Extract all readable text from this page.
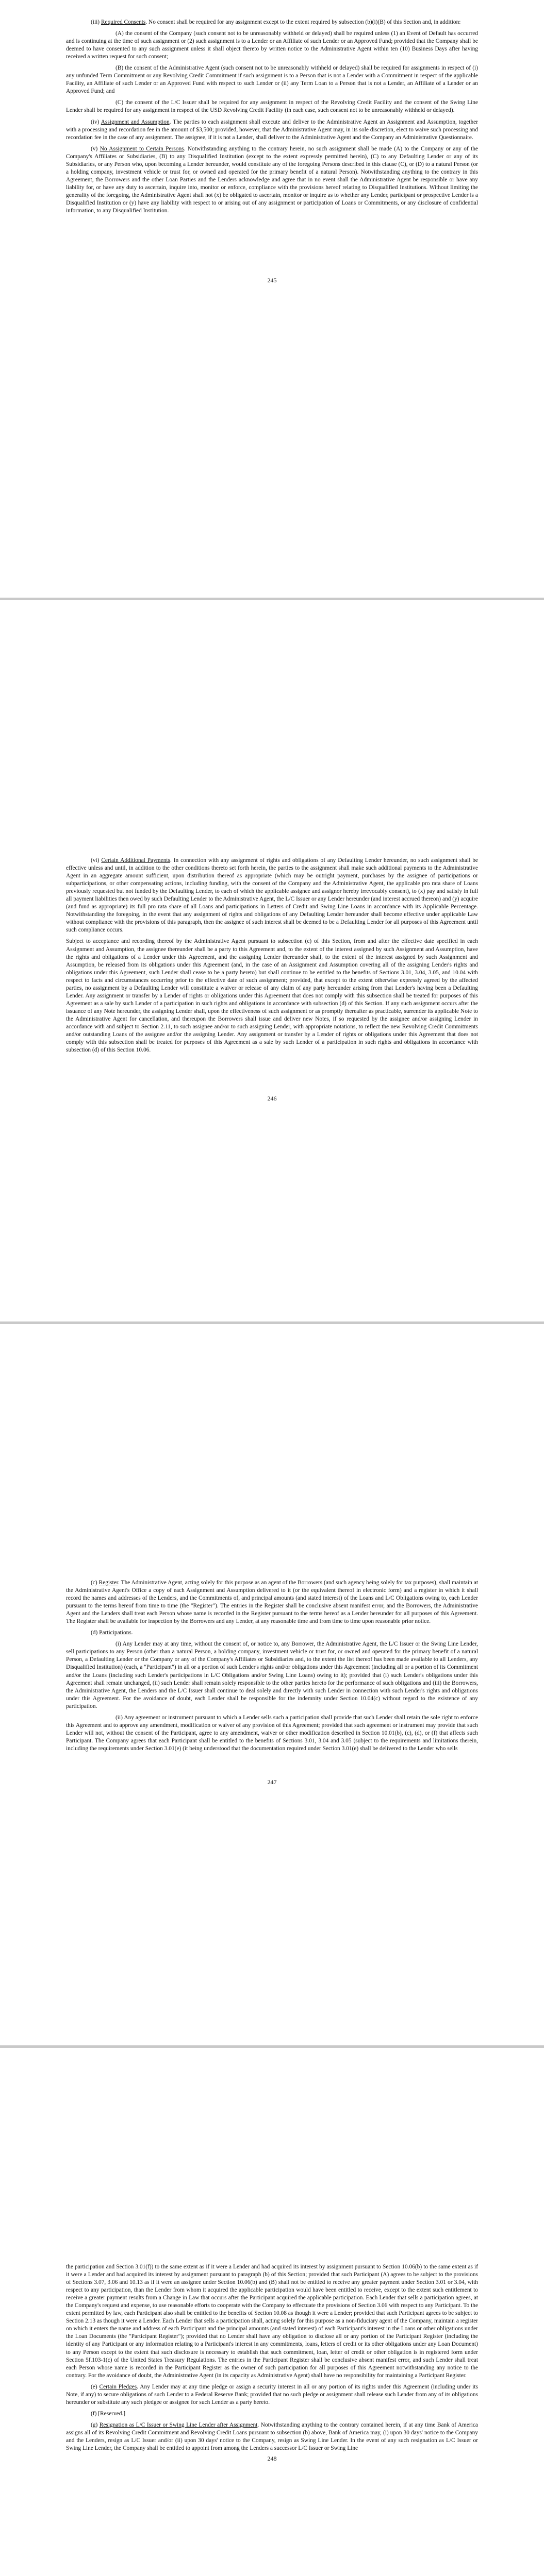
(iii) Required Consents. No consent shall be required for any assignment except to the extent required by subsection (b)(i)(B) of this Section and, in addition:

(A) the consent of the Company (such consent not to be unreasonably withheld or delayed) shall be required unless (1) an Event of Default has occurred and is continuing at the time of such assignment or (2) such assignment is to a Lender or an Affiliate of such Lender or an Approved Fund; provided that the Company shall be deemed to have consented to any such assignment unless it shall object thereto by written notice to the Administrative Agent within ten (10) Business Days after having received a written request for such consent;

(B) the consent of the Administrative Agent (such consent not to be unreasonably withheld or delayed) shall be required for assignments in respect of (i) any unfunded Term Commitment or any Revolving Credit Commitment if such assignment is to a Person that is not a Lender with a Commitment in respect of the applicable Facility, an Affiliate of such Lender or an Approved Fund with respect to such Lender or (ii) any Term Loan to a Person that is not a Lender, an Affiliate of a Lender or an Approved Fund; and

(C) the consent of the L/C Issuer shall be required for any assignment in respect of the Revolving Credit Facility and the consent of the Swing Line Lender shall be required for any assignment in respect of the USD Revolving Credit Facility (in each case, such consent not to be unreasonably withheld or delayed).

(iv) Assignment and Assumption. The parties to each assignment shall execute and deliver to the Administrative Agent an Assignment and Assumption, together with a processing and recordation fee in the amount of $3,500; provided, however, that the Administrative Agent may, in its sole discretion, elect to waive such processing and recordation fee in the case of any assignment. The assignee, if it is not a Lender, shall deliver to the Administrative Agent and the Company an Administrative Questionnaire.

(v) No Assignment to Certain Persons. Notwithstanding anything to the contrary herein, no such assignment shall be made (A) to the Company or any of the Company's Affiliates or Subsidiaries, (B) to any Disqualified Institution (except to the extent expressly permitted herein), (C) to any Defaulting Lender or any of its Subsidiaries, or any Person who, upon becoming a Lender hereunder, would constitute any of the foregoing Persons described in this clause (C), or (D) to a natural Person (or a holding company, investment vehicle or trust for, or owned and operated for the primary benefit of a natural Person). Notwithstanding anything to the contrary in this Agreement, the Borrowers and the other Loan Parties and the Lenders acknowledge and agree that in no event shall the Administrative Agent be responsible or have any liability for, or have any duty to ascertain, inquire into, monitor or enforce, compliance with the provisions hereof relating to Disqualified Institutions. Without limiting the generality of the foregoing, the Administrative Agent shall not (x) be obligated to ascertain, monitor or inquire as to whether any Lender, participant or prospective Lender is a Disqualified Institution or (y) have any liability with respect to or arising out of any assignment or participation of Loans or Commitments, or any disclosure of confidential information, to any Disqualified Institution.

245

(vi) Certain Additional Payments. In connection with any assignment of rights and obligations of any Defaulting Lender hereunder, no such assignment shall be effective unless and until, in addition to the other conditions thereto set forth herein, the parties to the assignment shall make such additional payments to the Administrative Agent in an aggregate amount sufficient, upon distribution thereof as appropriate (which may be outright payment, purchases by the assignee of participations or subparticipations, or other compensating actions, including funding, with the consent of the Company and the Administrative Agent, the applicable pro rata share of Loans previously requested but not funded by the Defaulting Lender, to each of which the applicable assignee and assignor hereby irrevocably consent), to (x) pay and satisfy in full all payment liabilities then owed by such Defaulting Lender to the Administrative Agent, the L/C Issuer or any Lender hereunder (and interest accrued thereon) and (y) acquire (and fund as appropriate) its full pro rata share of all Loans and participations in Letters of Credit and Swing Line Loans in accordance with its Applicable Percentage. Notwithstanding the foregoing, in the event that any assignment of rights and obligations of any Defaulting Lender hereunder shall become effective under applicable Law without compliance with the provisions of this paragraph, then the assignee of such interest shall be deemed to be a Defaulting Lender for all purposes of this Agreement until such compliance occurs.

Subject to acceptance and recording thereof by the Administrative Agent pursuant to subsection (c) of this Section, from and after the effective date specified in each Assignment and Assumption, the assignee thereunder shall be a party to this Agreement and, to the extent of the interest assigned by such Assignment and Assumption, have the rights and obligations of a Lender under this Agreement, and the assigning Lender thereunder shall, to the extent of the interest assigned by such Assignment and Assumption, be released from its obligations under this Agreement (and, in the case of an Assignment and Assumption covering all of the assigning Lender's rights and obligations under this Agreement, such Lender shall cease to be a party hereto) but shall continue to be entitled to the benefits of Sections 3.01, 3.04, 3.05, and 10.04 with respect to facts and circumstances occurring prior to the effective date of such assignment; provided, that except to the extent otherwise expressly agreed by the affected parties, no assignment by a Defaulting Lender will constitute a waiver or release of any claim of any party hereunder arising from that Lender's having been a Defaulting Lender. Any assignment or transfer by a Lender of rights or obligations under this Agreement that does not comply with this subsection shall be treated for purposes of this Agreement as a sale by such Lender of a participation in such rights and obligations in accordance with subsection (d) of this Section. If any such assignment occurs after the issuance of any Note hereunder, the assigning Lender shall, upon the effectiveness of such assignment or as promptly thereafter as practicable, surrender its applicable Note to the Administrative Agent for cancellation, and thereupon the Borrowers shall issue and deliver new Notes, if so requested by the assignee and/or assigning Lender in accordance with and subject to Section 2.11, to such assignee and/or to such assigning Lender, with appropriate notations, to reflect the new Revolving Credit Commitments and/or outstanding Loans of the assignee and/or the assigning Lender. Any assignment or transfer by a Lender of rights or obligations under this Agreement that does not comply with this subsection shall be treated for purposes of this Agreement as a sale by such Lender of a participation in such rights and obligations in accordance with subsection (d) of this Section 10.06.

246

(c) Register. The Administrative Agent, acting solely for this purpose as an agent of the Borrowers (and such agency being solely for tax purposes), shall maintain at the Administrative Agent's Office a copy of each Assignment and Assumption delivered to it (or the equivalent thereof in electronic form) and a register in which it shall record the names and addresses of the Lenders, and the Commitments of, and principal amounts (and stated interest) of the Loans and L/C Obligations owing to, each Lender pursuant to the terms hereof from time to time (the "Register"). The entries in the Register shall be conclusive absent manifest error, and the Borrowers, the Administrative Agent and the Lenders shall treat each Person whose name is recorded in the Register pursuant to the terms hereof as a Lender hereunder for all purposes of this Agreement. The Register shall be available for inspection by the Borrowers and any Lender, at any reasonable time and from time to time upon reasonable prior notice.

(d) Participations.

(i) Any Lender may at any time, without the consent of, or notice to, any Borrower, the Administrative Agent, the L/C Issuer or the Swing Line Lender, sell participations to any Person (other than a natural Person, a holding company, investment vehicle or trust for, or owned and operated for the primary benefit of a natural Person, a Defaulting Lender or the Company or any of the Company's Affiliates or Subsidiaries and, to the extent the list thereof has been made available to all Lenders, any Disqualified Institution) (each, a "Participant") in all or a portion of such Lender's rights and/or obligations under this Agreement (including all or a portion of its Commitment and/or the Loans (including such Lender's participations in L/C Obligations and/or Swing Line Loans) owing to it); provided that (i) such Lender's obligations under this Agreement shall remain unchanged, (ii) such Lender shall remain solely responsible to the other parties hereto for the performance of such obligations and (iii) the Borrowers, the Administrative Agent, the Lenders and the L/C Issuer shall continue to deal solely and directly with such Lender in connection with such Lender's rights and obligations under this Agreement. For the avoidance of doubt, each Lender shall be responsible for the indemnity under Section 10.04(c) without regard to the existence of any participation.

(ii) Any agreement or instrument pursuant to which a Lender sells such a participation shall provide that such Lender shall retain the sole right to enforce this Agreement and to approve any amendment, modification or waiver of any provision of this Agreement; provided that such agreement or instrument may provide that such Lender will not, without the consent of the Participant, agree to any amendment, waiver or other modification described in Section 10.01(b), (c), (d), or (f) that affects such Participant. The Company agrees that each Participant shall be entitled to the benefits of Sections 3.01, 3.04 and 3.05 (subject to the requirements and limitations therein, including the requirements under Section 3.01(e) (it being understood that the documentation required under Section 3.01(e) shall be delivered to the Lender who sells

247

the participation and Section 3.01(f)) to the same extent as if it were a Lender and had acquired its interest by assignment pursuant to Section 10.06(b) to the same extent as if it were a Lender and had acquired its interest by assignment pursuant to paragraph (b) of this Section; provided that such Participant (A) agrees to be subject to the provisions of Sections 3.07, 3.06 and 10.13 as if it were an assignee under Section 10.06(b) and (B) shall not be entitled to receive any greater payment under Section 3.01 or 3.04, with respect to any participation, than the Lender from whom it acquired the applicable participation would have been entitled to receive, except to the extent such entitlement to receive a greater payment results from a Change in Law that occurs after the Participant acquired the applicable participation. Each Lender that sells a participation agrees, at the Company's request and expense, to use reasonable efforts to cooperate with the Company to effectuate the provisions of Section 3.06 with respect to any Participant. To the extent permitted by law, each Participant also shall be entitled to the benefits of Section 10.08 as though it were a Lender; provided that such Participant agrees to be subject to Section 2.13 as though it were a Lender. Each Lender that sells a participation shall, acting solely for this purpose as a non-fiduciary agent of the Company, maintain a register on which it enters the name and address of each Participant and the principal amounts (and stated interest) of each Participant's interest in the Loans or other obligations under the Loan Documents (the "Participant Register"); provided that no Lender shall have any obligation to disclose all or any portion of the Participant Register (including the identity of any Participant or any information relating to a Participant's interest in any commitments, loans, letters of credit or its other obligations under any Loan Document) to any Person except to the extent that such disclosure is necessary to establish that such commitment, loan, letter of credit or other obligation is in registered form under Section 5f.103-1(c) of the United States Treasury Regulations. The entries in the Participant Register shall be conclusive absent manifest error, and such Lender shall treat each Person whose name is recorded in the Participant Register as the owner of such participation for all purposes of this Agreement notwithstanding any notice to the contrary. For the avoidance of doubt, the Administrative Agent (in its capacity as Administrative Agent) shall have no responsibility for maintaining a Participant Register.

(e) Certain Pledges. Any Lender may at any time pledge or assign a security interest in all or any portion of its rights under this Agreement (including under its Note, if any) to secure obligations of such Lender to a Federal Reserve Bank; provided that no such pledge or assignment shall release such Lender from any of its obligations hereunder or substitute any such pledgee or assignee for such Lender as a party hereto.

(f) [Reserved.]

(g) Resignation as L/C Issuer or Swing Line Lender after Assignment. Notwithstanding anything to the contrary contained herein, if at any time Bank of America assigns all of its Revolving Credit Commitment and Revolving Credit Loans pursuant to subsection (b) above, Bank of America may, (i) upon 30 days' notice to the Company and the Lenders, resign as L/C Issuer and/or (ii) upon 30 days' notice to the Company, resign as Swing Line Lender. In the event of any such resignation as L/C Issuer or Swing Line Lender, the Company shall be entitled to appoint from among the Lenders a successor L/C Issuer or Swing Line

248
